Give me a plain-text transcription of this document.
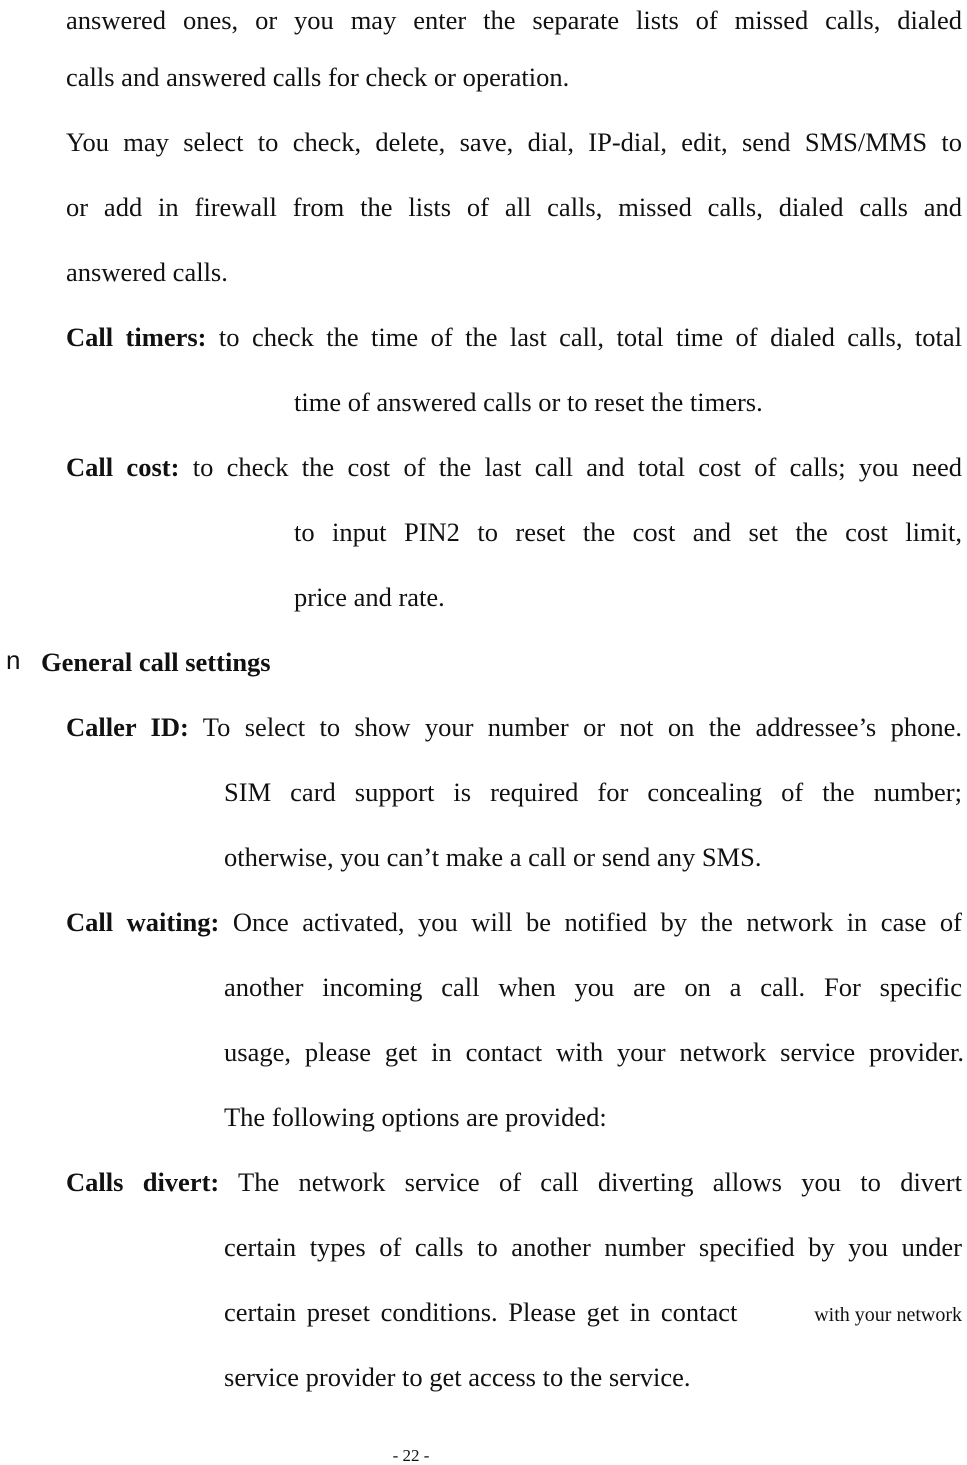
answered ones, or you may enter the separate lists of missed calls, dialed
calls and answered calls for check or operation.
You may select to check, delete, save, dial, IP-dial, edit, send SMS/MMS to
or add in firewall from the lists of all calls, missed calls, dialed calls and
answered calls.
Call timers: to check the time of the last call, total time of dialed calls, total
time of answered calls or to reset the timers.
Call cost: to check the cost of the last call and total cost of calls; you need
to input PIN2 to reset the cost and set the cost limit,
price and rate.
n General call settings
Caller ID: To select to show your number or not on the addressee’s phone.
SIM card support is required for concealing of the number;
otherwise, you can’t make a call or send any SMS.
Call waiting: Once activated, you will be notified by the network in case of
another incoming call when you are on a call. For specific
usage, please get in contact with your network service provider.
The following options are provided:
Calls divert: The network service of call diverting allows you to divert
certain types of calls to another number specified by you under
certain preset conditions. Please get in contact	with your network
service provider to get access to the service.
- 22 -
